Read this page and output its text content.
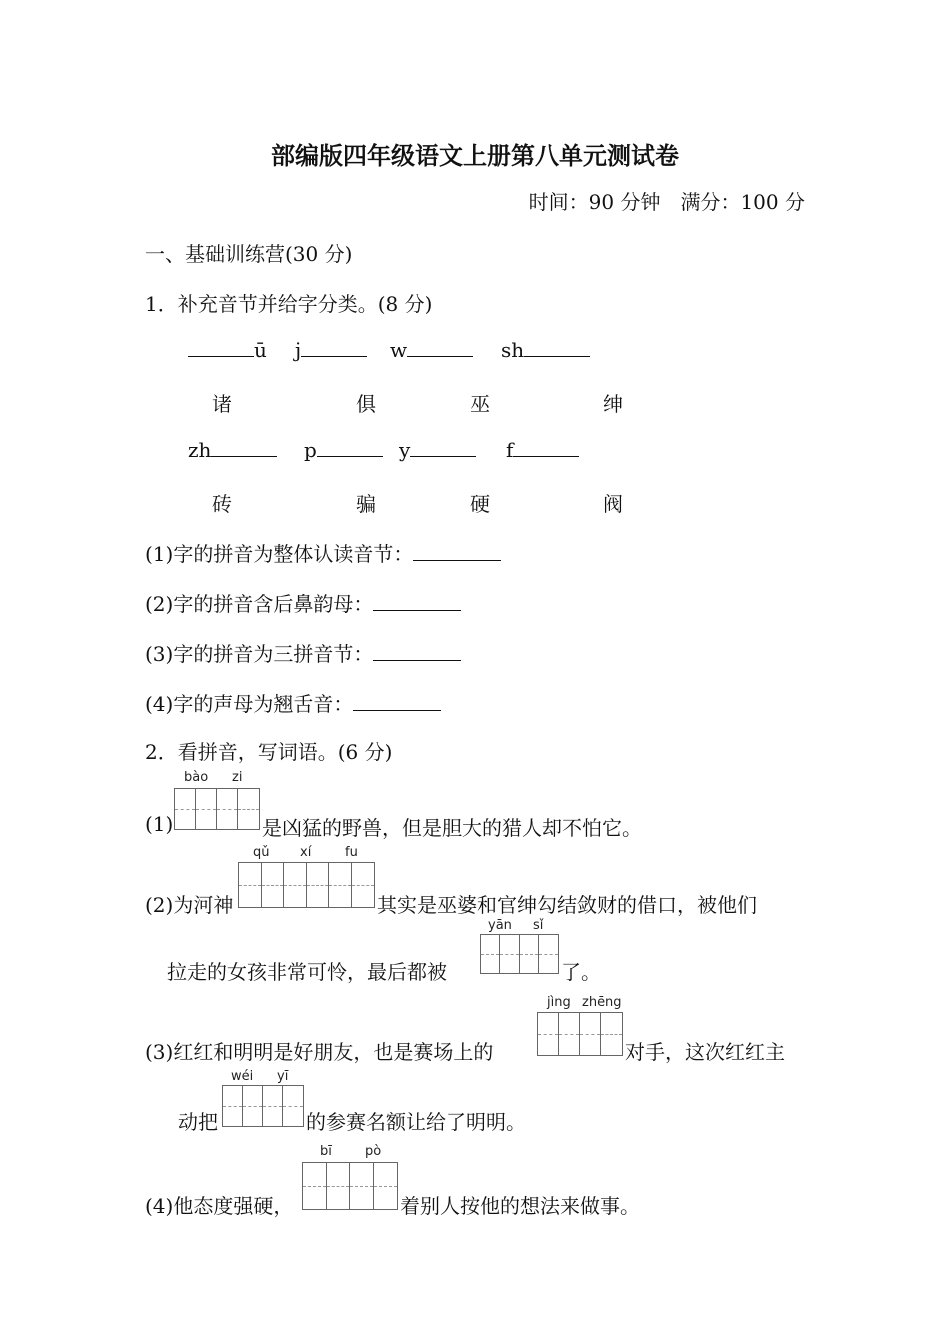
部编版四年级语文上册第八单元测试卷
时间：90 分钟　满分：100 分
一、基础训练营(30 分)
1．补充音节并给字分类。(8 分)
ū j	w	sh
诸	俱	巫	绅
zh	p	y	f
砖	骗	硬	阀
(1)字的拼音为整体认读音节：
(2)字的拼音含后鼻韵母：
(3)字的拼音为三拼音节：
(4)字的声母为翘舌音：
2．看拼音，写词语。(6 分)
bào zi
(1)	是凶猛的野兽，但是胆大的猎人却不怕它。
qǔ xí	fu
(2)为河神	其实是巫婆和官绅勾结敛财的借口，被他们
yān sǐ
拉走的女孩非常可怜，最后都被	了。
jìng zhēng
(3)红红和明明是好朋友，也是赛场上的	对手，这次红红主
wéi yī
动把	的参赛名额让给了明明。
bī	pò
(4)他态度强硬，	着别人按他的想法来做事。
